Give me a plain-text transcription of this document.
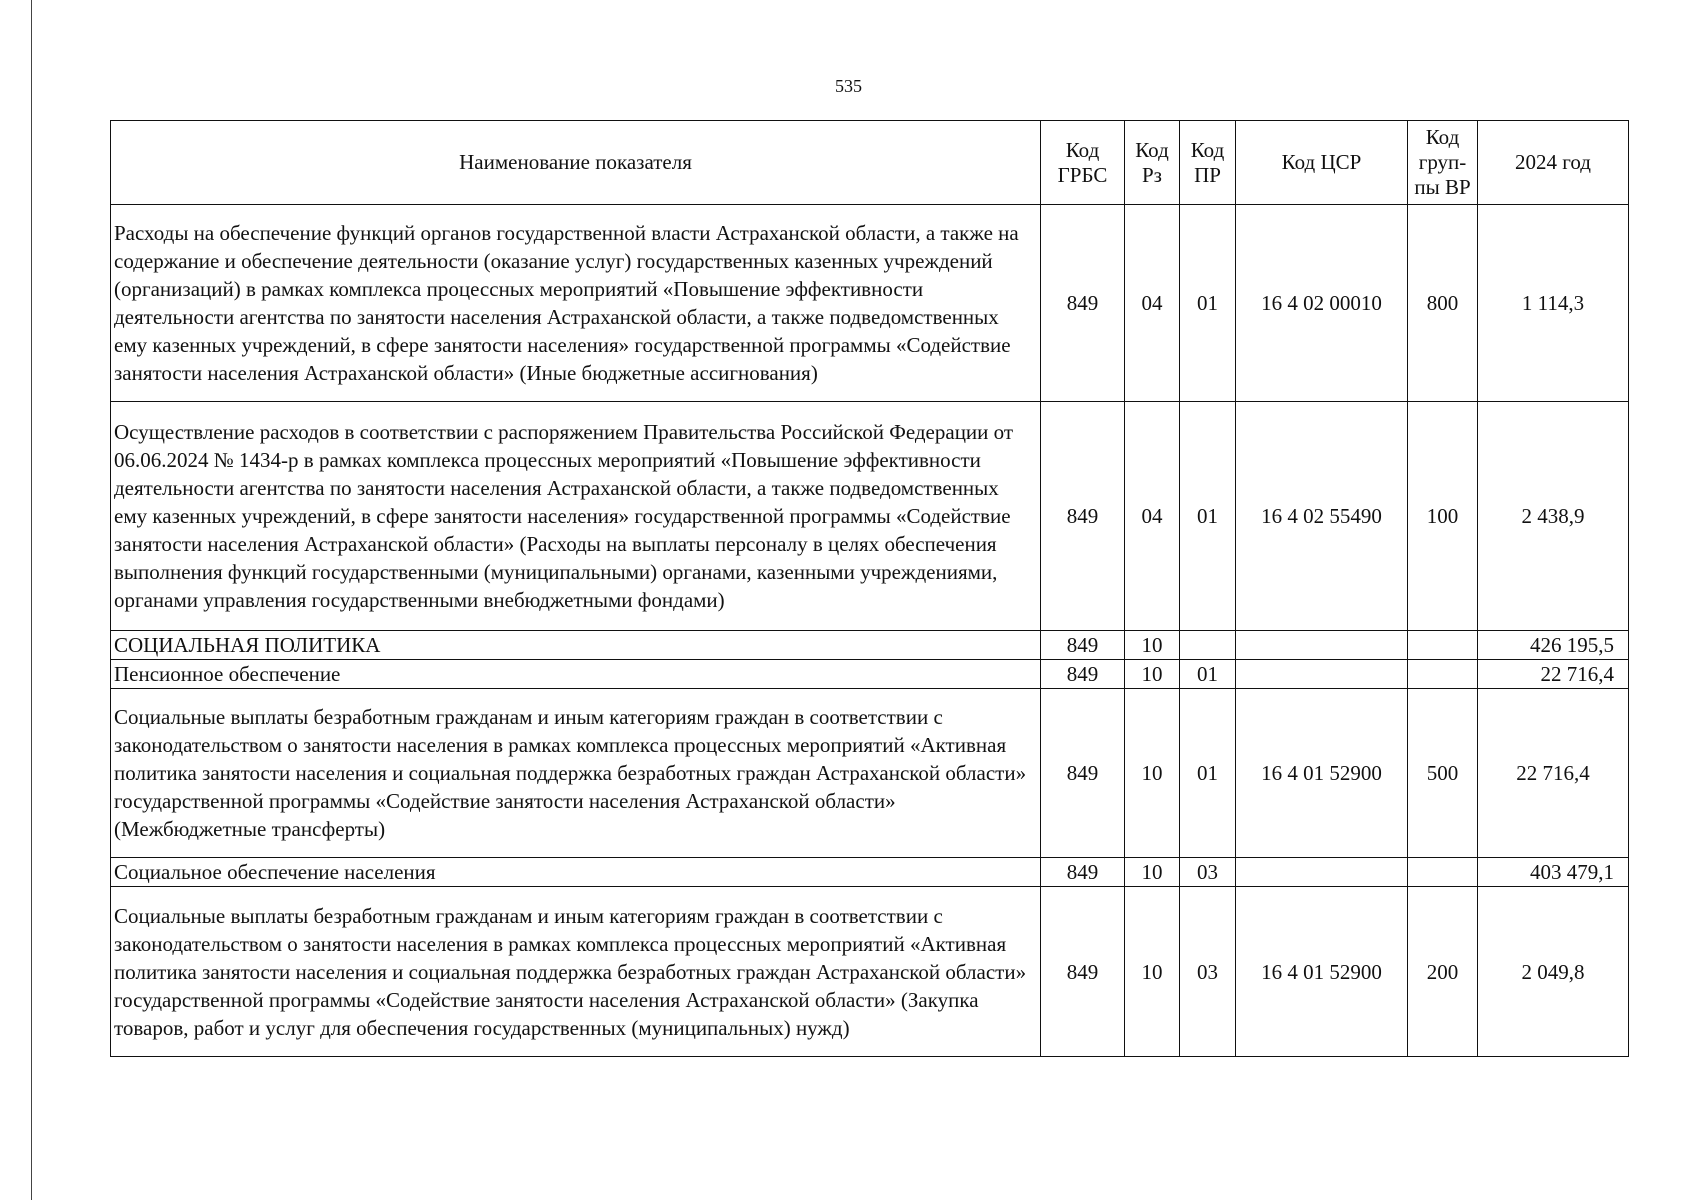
535
Наименование показателя	Код ГРБС	Код Рз	Код ПР	Код ЦСР	Код груп-пы ВР	2024 год
Расходы на обеспечение функций органов государственной власти Астраханской области, а также на содержание и обеспечение деятельности (оказание услуг) государственных казенных учреждений (организаций) в рамках комплекса процессных мероприятий «Повышение эффективности деятельности агентства по занятости населения Астраханской области, а также подведомственных ему казенных учреждений, в сфере занятости населения» государственной программы «Содействие занятости населения Астраханской области» (Иные бюджетные ассигнования)	849	04	01	16 4 02 00010	800	1 114,3
Осуществление расходов в соответствии с распоряжением Правительства Российской Федерации от 06.06.2024 № 1434-р в рамках комплекса процессных мероприятий «Повышение эффективности деятельности агентства по занятости населения Астраханской области, а также подведомственных ему казенных учреждений, в сфере занятости населения» государственной программы «Содействие занятости населения Астраханской области» (Расходы на выплаты персоналу в целях обеспечения выполнения функций государственными (муниципальными) органами, казенными учреждениями, органами управления государственными внебюджетными фондами)	849	04	01	16 4 02 55490	100	2 438,9
СОЦИАЛЬНАЯ ПОЛИТИКА	849	10				426 195,5
Пенсионное обеспечение	849	10	01			22 716,4
Социальные выплаты безработным гражданам и иным категориям граждан в соответствии с законодательством о занятости населения в рамках комплекса процессных мероприятий «Активная политика занятости населения и социальная поддержка безработных граждан Астраханской области» государственной программы «Содействие занятости населения Астраханской области» (Межбюджетные трансферты)	849	10	01	16 4 01 52900	500	22 716,4
Социальное обеспечение населения	849	10	03			403 479,1
Социальные выплаты безработным гражданам и иным категориям граждан в соответствии с законодательством о занятости населения в рамках комплекса процессных мероприятий «Активная политика занятости населения и социальная поддержка безработных граждан Астраханской области» государственной программы «Содействие занятости населения Астраханской области» (Закупка товаров, работ и услуг для обеспечения государственных (муниципальных) нужд)	849	10	03	16 4 01 52900	200	2 049,8
